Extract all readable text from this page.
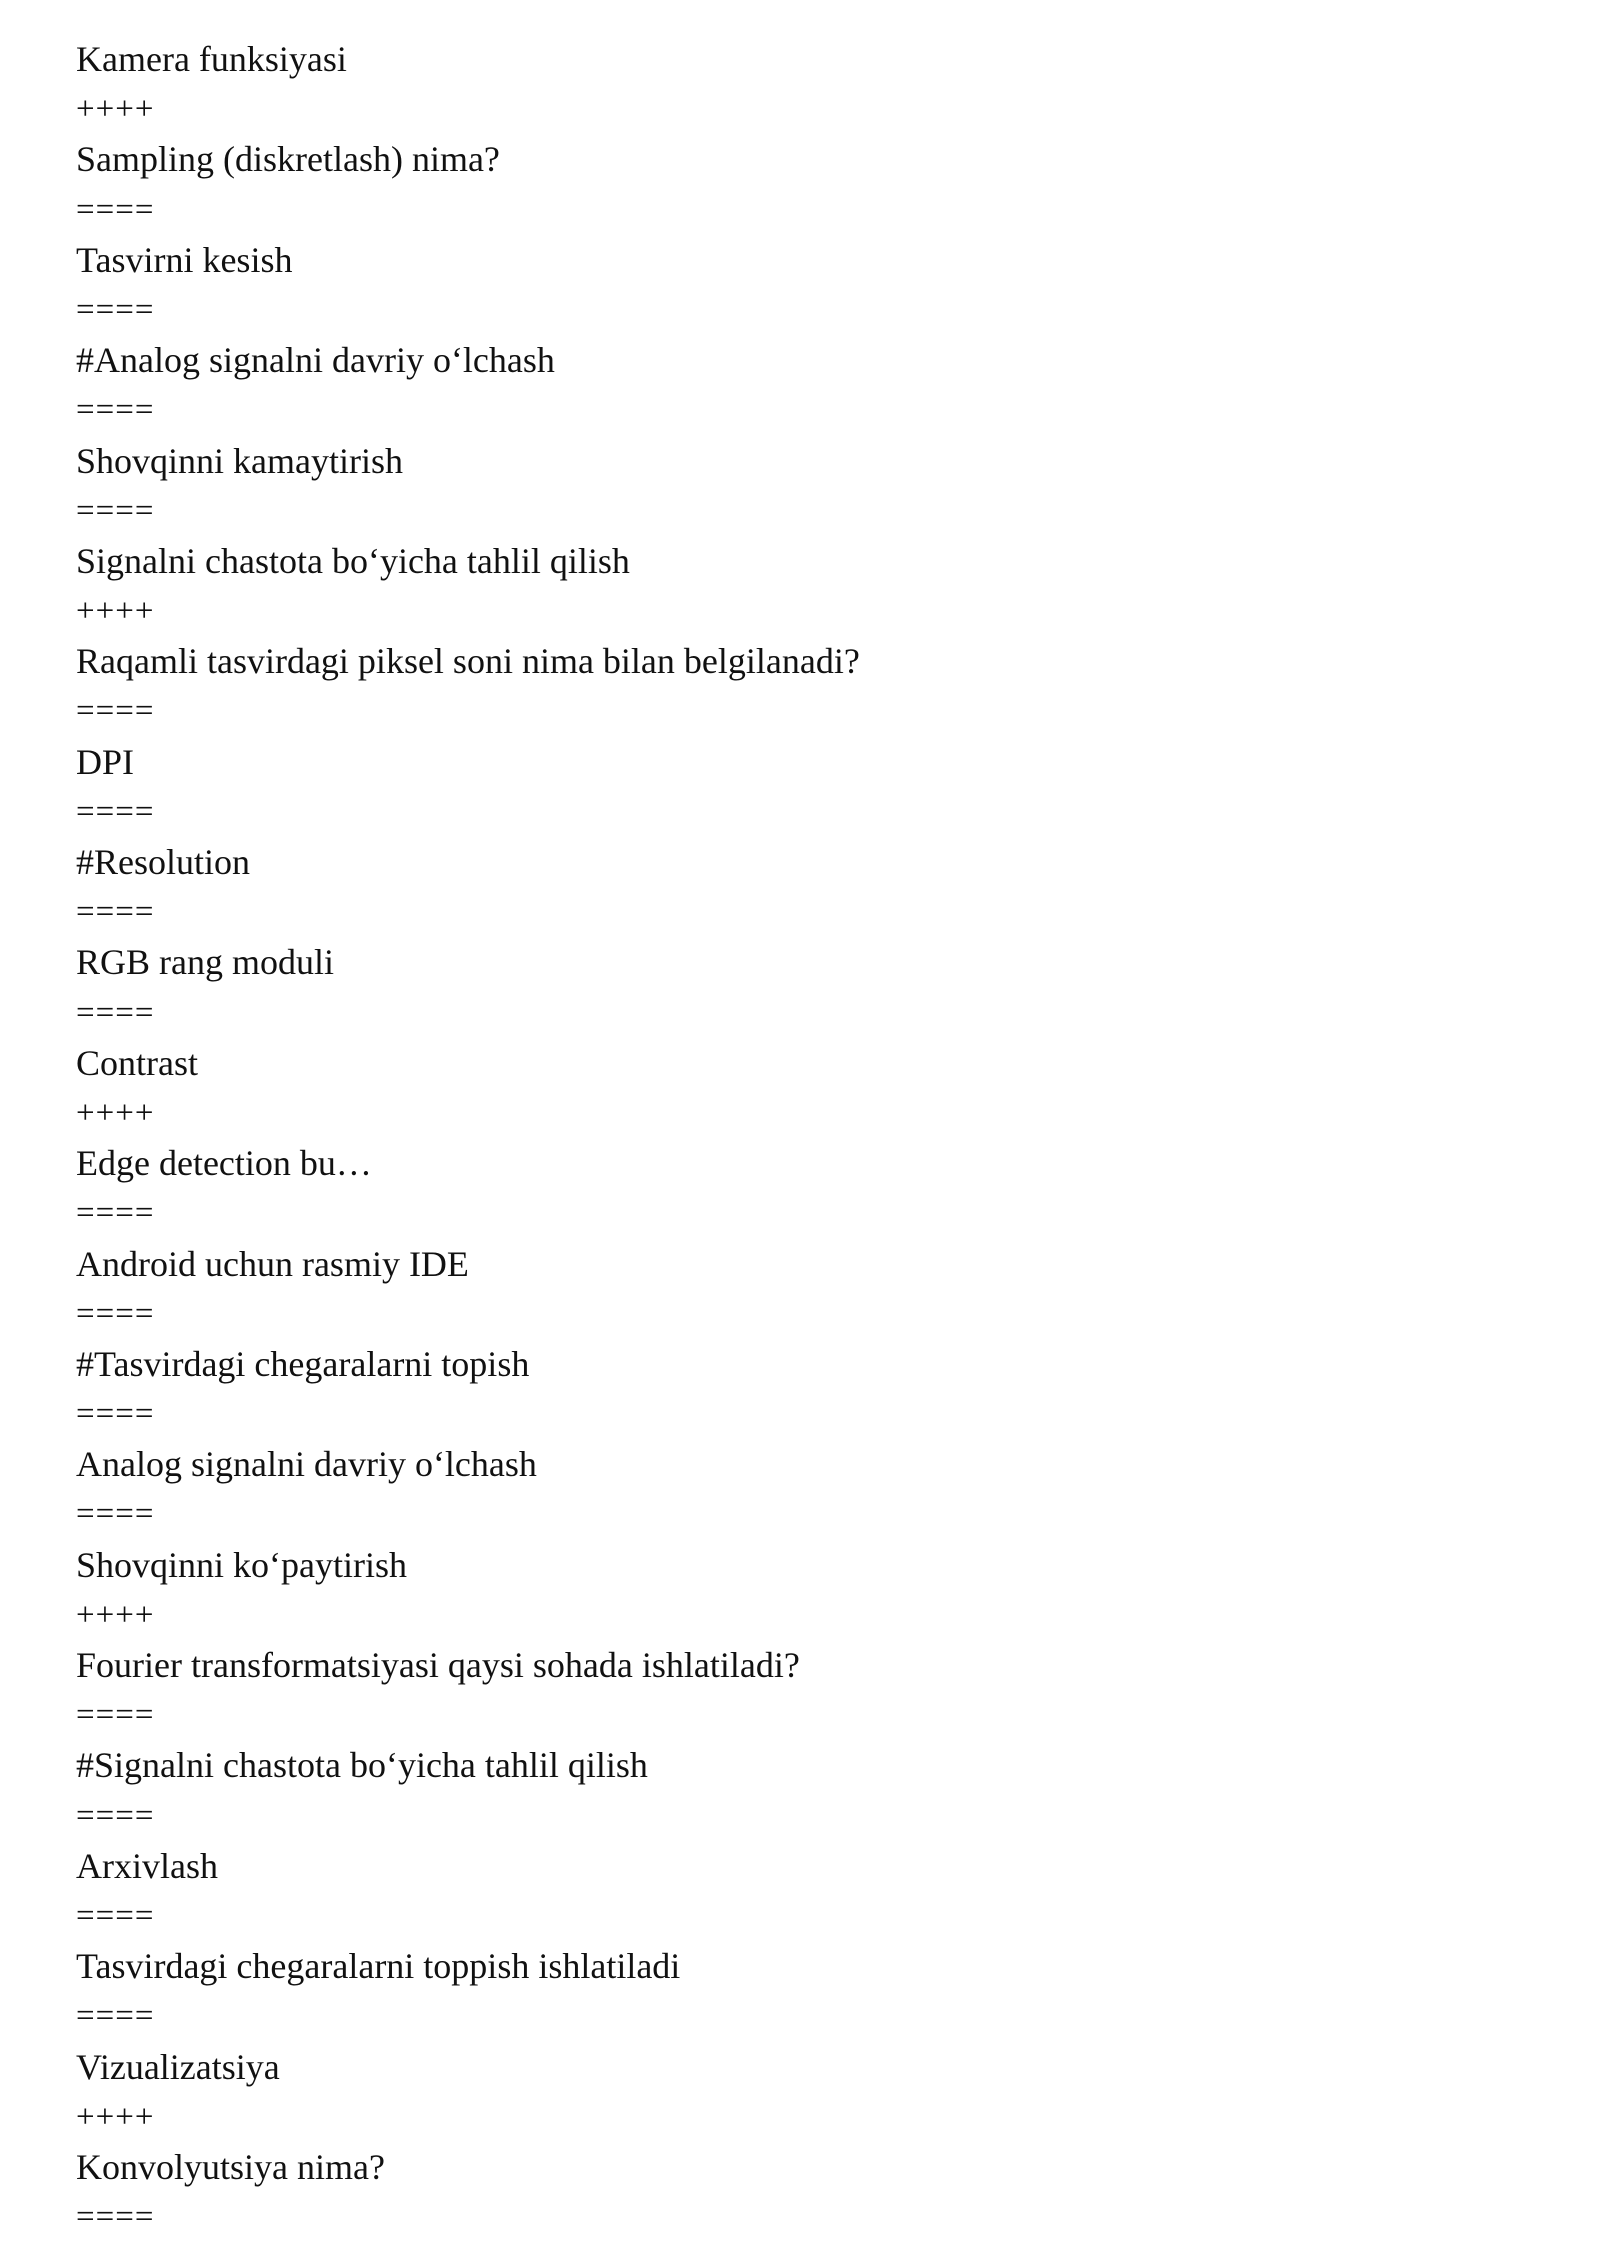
Kamera funksiyasi
++++
Sampling (diskretlash) nima?
====
Tasvirni kesish
====
#Analog signalni davriy o‘lchash
====
Shovqinni kamaytirish
====
Signalni chastota bo‘yicha tahlil qilish
++++
Raqamli tasvirdagi piksel soni nima bilan belgilanadi?
====
DPI
====
#Resolution
====
RGB rang moduli
====
Contrast
++++
Edge detection bu…
====
Android uchun rasmiy IDE
====
#Tasvirdagi chegaralarni topish
====
Analog signalni davriy o‘lchash
====
Shovqinni ko‘paytirish
++++
Fourier transformatsiyasi qaysi sohada ishlatiladi?
====
#Signalni chastota bo‘yicha tahlil qilish
====
Arxivlash
====
Tasvirdagi chegaralarni toppish ishlatiladi
====
Vizualizatsiya
++++
Konvolyutsiya nima?
====
